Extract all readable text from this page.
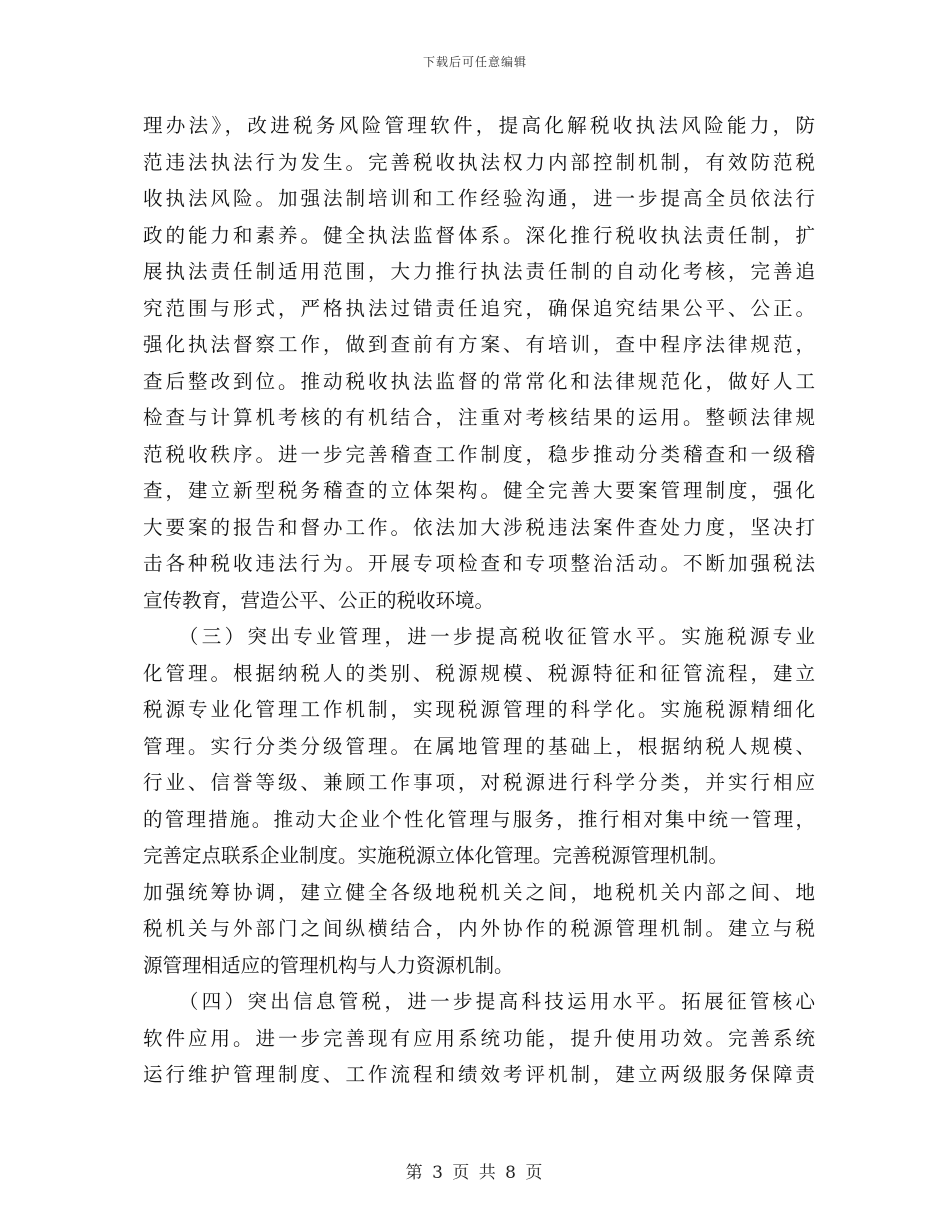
下载后可任意编辑
理办法》，改进税务风险管理软件，提高化解税收执法风险能力，防
范违法执法行为发生。完善税收执法权力内部控制机制，有效防范税
收执法风险。加强法制培训和工作经验沟通，进一步提高全员依法行
政的能力和素养。健全执法监督体系。深化推行税收执法责任制，扩
展执法责任制适用范围，大力推行执法责任制的自动化考核，完善追
究范围与形式，严格执法过错责任追究，确保追究结果公平、公正。
强化执法督察工作，做到查前有方案、有培训，查中程序法律规范，
查后整改到位。推动税收执法监督的常常化和法律规范化，做好人工
检查与计算机考核的有机结合，注重对考核结果的运用。整顿法律规
范税收秩序。进一步完善稽查工作制度，稳步推动分类稽查和一级稽
查，建立新型税务稽查的立体架构。健全完善大要案管理制度，强化
大要案的报告和督办工作。依法加大涉税违法案件查处力度，坚决打
击各种税收违法行为。开展专项检查和专项整治活动。不断加强税法
宣传教育，营造公平、公正的税收环境。
　　（三）突出专业管理，进一步提高税收征管水平。实施税源专业
化管理。根据纳税人的类别、税源规模、税源特征和征管流程，建立
税源专业化管理工作机制，实现税源管理的科学化。实施税源精细化
管理。实行分类分级管理。在属地管理的基础上，根据纳税人规模、
行业、信誉等级、兼顾工作事项，对税源进行科学分类，并实行相应
的管理措施。推动大企业个性化管理与服务，推行相对集中统一管理，
完善定点联系企业制度。实施税源立体化管理。完善税源管理机制。
加强统筹协调，建立健全各级地税机关之间，地税机关内部之间、地
税机关与外部门之间纵横结合，内外协作的税源管理机制。建立与税
源管理相适应的管理机构与人力资源机制。
　　（四）突出信息管税，进一步提高科技运用水平。拓展征管核心
软件应用。进一步完善现有应用系统功能，提升使用功效。完善系统
运行维护管理制度、工作流程和绩效考评机制，建立两级服务保障责
第 3 页 共 8 页
